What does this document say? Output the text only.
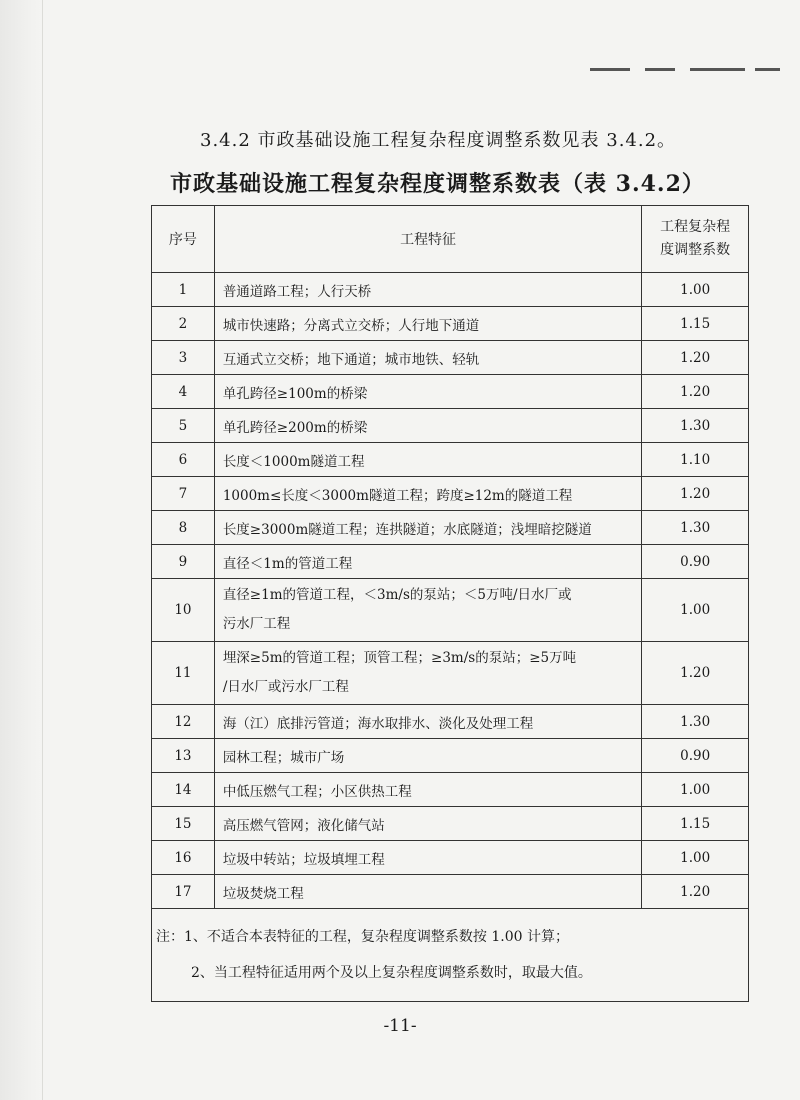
3.4.2 市政基础设施工程复杂程度调整系数见表 3.4.2。
市政基础设施工程复杂程度调整系数表（表 3.4.2）
序号	工程特征	工程复杂程
度调整系数

1	普通道路工程；人行天桥	1.00
2	城市快速路；分离式立交桥；人行地下通道	1.15
3	互通式立交桥；地下通道；城市地铁、轻轨	1.20
4	单孔跨径≥100m的桥梁	1.20
5	单孔跨径≥200m的桥梁	1.30
6	长度＜1000m隧道工程	1.10
7	1000m≤长度＜3000m隧道工程；跨度≥12m的隧道工程	1.20
8	长度≥3000m隧道工程；连拱隧道；水底隧道；浅埋暗挖隧道	1.30
9	直径＜1m的管道工程	0.90
10	直径≥1m的管道工程，＜3m/s的泵站；＜5万吨/日水厂或
污水厂工程	1.00
11	埋深≥5m的管道工程；顶管工程；≥3m/s的泵站；≥5万吨
/日水厂或污水厂工程	1.20
12	海（江）底排污管道；海水取排水、淡化及处理工程	1.30
13	园林工程；城市广场	0.90
14	中低压燃气工程；小区供热工程	1.00
15	高压燃气管网；液化储气站	1.15
16	垃圾中转站；垃圾填埋工程	1.00
17	垃圾焚烧工程	1.20

注：1、不适合本表特征的工程，复杂程度调整系数按 1.00 计算；
2、当工程特征适用两个及以上复杂程度调整系数时，取最大值。		
-11-
